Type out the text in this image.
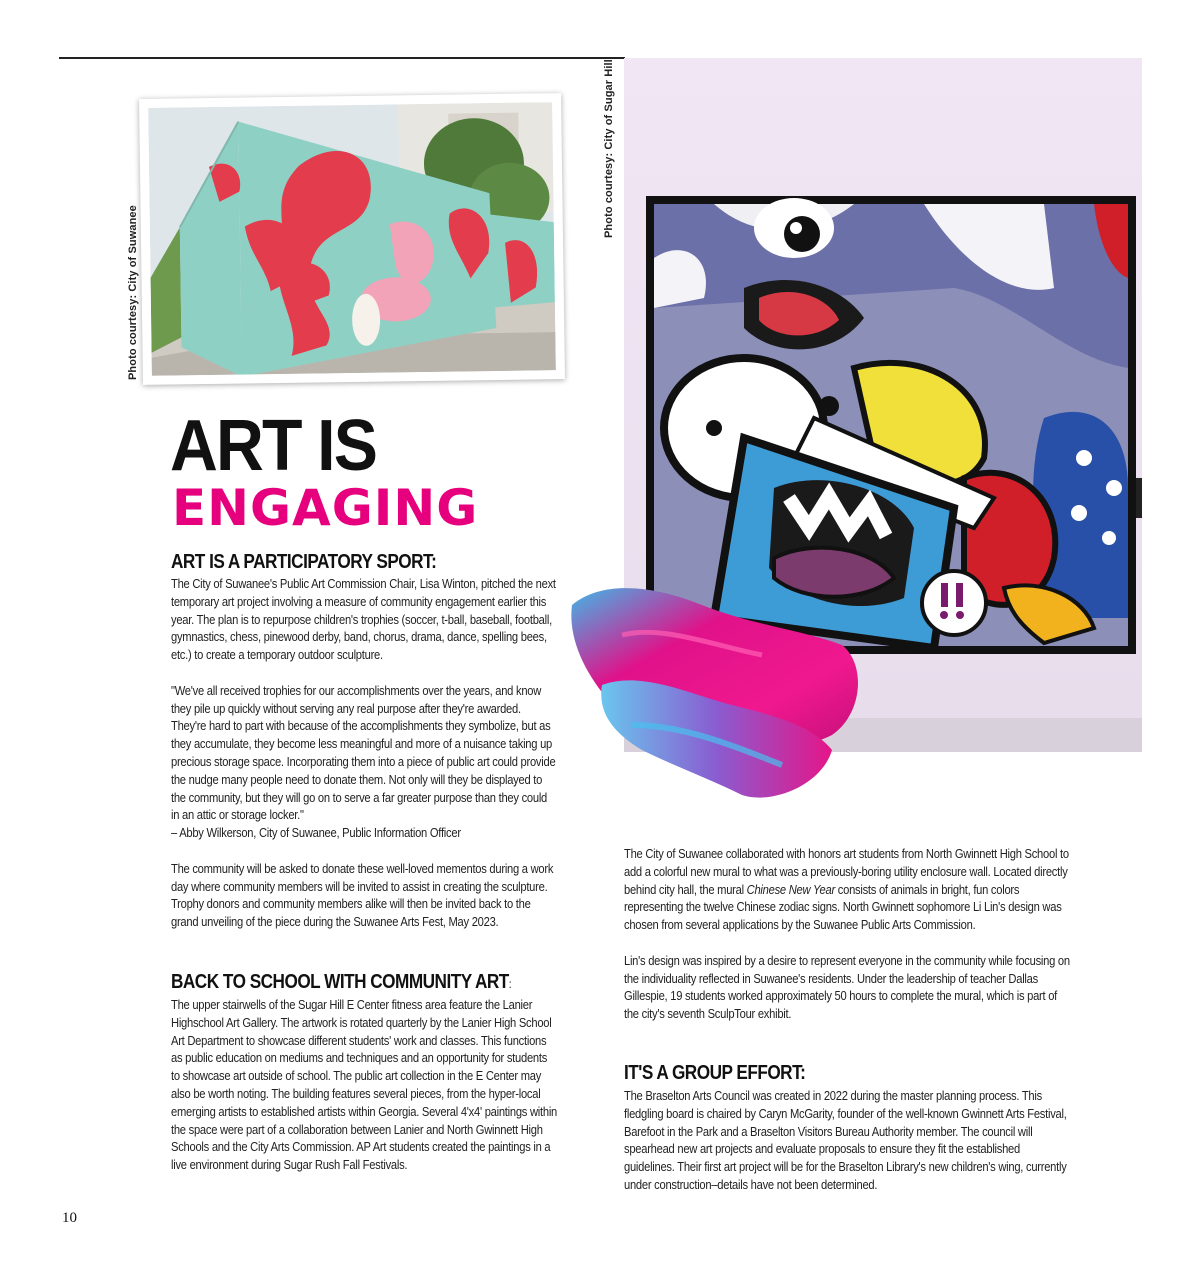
Photo courtesy: City of Suwanee
Photo courtesy: City of Sugar Hill
ART IS
ENGAGING
ART IS A PARTICIPATORY SPORT:

The City of Suwanee's Public Art Commission Chair, Lisa Winton, pitched the next temporary art project involving a measure of community engagement earlier this year. The plan is to repurpose children's trophies (soccer, t-ball, baseball, football, gymnastics, chess, pinewood derby, band, chorus, drama, dance, spelling bees, etc.) to create a temporary outdoor sculpture.

"We've all received trophies for our accomplishments over the years, and know they pile up quickly without serving any real purpose after they're awarded. They're hard to part with because of the accomplishments they symbolize, but as they accumulate, they become less meaningful and more of a nuisance taking up precious storage space. Incorporating them into a piece of public art could provide the nudge many people need to donate them. Not only will they be displayed to the community, but they will go on to serve a far greater purpose than they could in an attic or storage locker."

– Abby Wilkerson, City of Suwanee, Public Information Officer

The community will be asked to donate these well-loved mementos during a work day where community members will be invited to assist in creating the sculpture. Trophy donors and community members alike will then be invited back to the grand unveiling of the piece during the Suwanee Arts Fest, May 2023.

BACK TO SCHOOL WITH COMMUNITY ART:

The upper stairwells of the Sugar Hill E Center fitness area feature the Lanier Highschool Art Gallery. The artwork is rotated quarterly by the Lanier High School Art Department to showcase different students' work and classes. This functions as public education on mediums and techniques and an opportunity for students to showcase art outside of school. The public art collection in the E Center may also be worth noting. The building features several pieces, from the hyper-local emerging artists to established artists within Georgia. Several 4'x4' paintings within the space were part of a collaboration between Lanier and North Gwinnett High Schools and the City Arts Commission. AP Art students created the paintings in a live environment during Sugar Rush Fall Festivals.

The City of Suwanee collaborated with honors art students from North Gwinnett High School to add a colorful new mural to what was a previously-boring utility enclosure wall. Located directly behind city hall, the mural Chinese New Year consists of animals in bright, fun colors representing the twelve Chinese zodiac signs. North Gwinnett sophomore Li Lin's design was chosen from several applications by the Suwanee Public Arts Commission.

Lin's design was inspired by a desire to represent everyone in the community while focusing on the individuality reflected in Suwanee's residents. Under the leadership of teacher Dallas Gillespie, 19 students worked approximately 50 hours to complete the mural, which is part of the city's seventh SculpTour exhibit.

IT'S A GROUP EFFORT:

The Braselton Arts Council was created in 2022 during the master planning process. This fledgling board is chaired by Caryn McGarity, founder of the well-known Gwinnett Arts Festival, Barefoot in the Park and a Braselton Visitors Bureau Authority member. The council will spearhead new art projects and evaluate proposals to ensure they fit the established guidelines. Their first art project will be for the Braselton Library's new children's wing, currently under construction–details have not been determined.

10
